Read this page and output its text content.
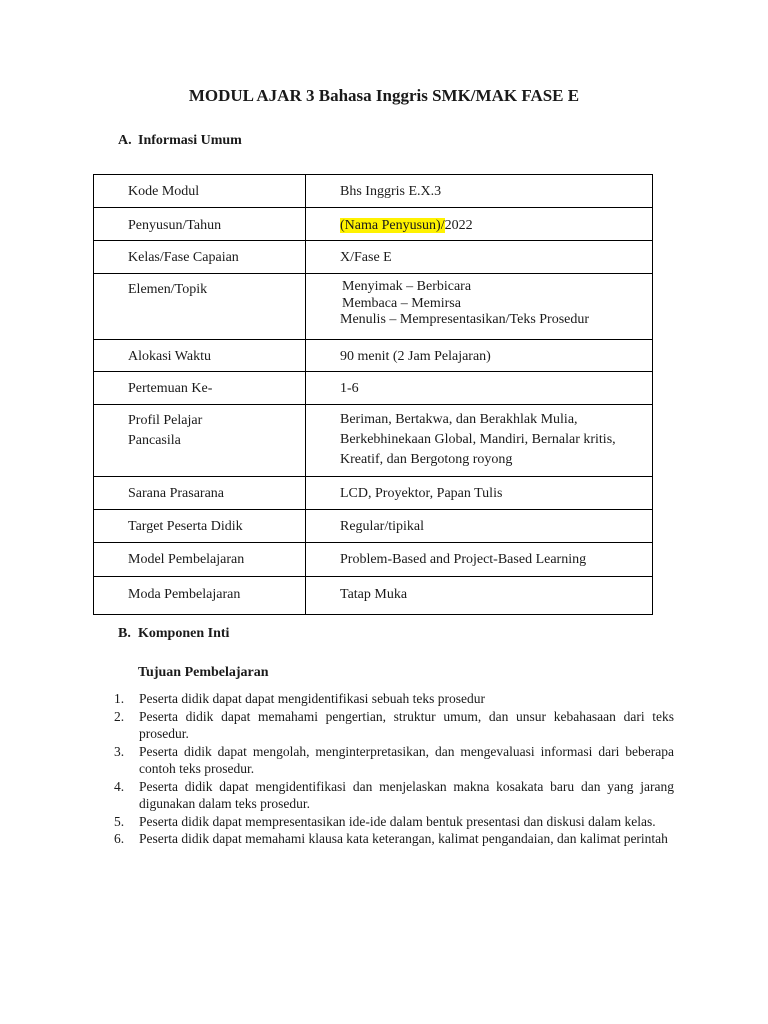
MODUL AJAR 3 Bahasa Inggris SMK/MAK FASE E

A. Informasi Umum

Kode Modul	Bhs Inggris E.X.3
Penyusun/Tahun	(Nama Penyusun)/2022
Kelas/Fase Capaian	X/Fase E
Elemen/Topik	Menyimak – Berbicara
Membaca – Memirsa
Menulis – Mempresentasikan/Teks Prosedur

Alokasi Waktu	90 menit (2 Jam Pelajaran)
Pertemuan Ke-	1-6

Profil Pelajar
Pancasila	Beriman, Bertakwa, dan Berakhlak Mulia,
Berkebhinekaan Global, Mandiri, Bernalar kritis,
Kreatif, dan Bergotong royong

Sarana Prasarana	LCD, Proyektor, Papan Tulis
Target Peserta Didik	Regular/tipikal
Model Pembelajaran	Problem-Based and Project-Based Learning
Moda Pembelajaran	Tatap Muka

B. Komponen Inti

Tujuan Pembelajaran

1.	Peserta didik dapat dapat mengidentifikasi sebuah teks prosedur
2.	Peserta didik dapat memahami pengertian, struktur umum, dan unsur kebahasaan dari teks prosedur.
3.	Peserta didik dapat mengolah, menginterpretasikan, dan mengevaluasi informasi dari beberapa contoh teks prosedur.
4.	Peserta didik dapat mengidentifikasi dan menjelaskan makna kosakata baru dan yang jarang digunakan dalam teks prosedur.
5.	Peserta didik dapat mempresentasikan ide-ide dalam bentuk presentasi dan diskusi dalam kelas.
6.	Peserta didik dapat memahami klausa kata keterangan, kalimat pengandaian, dan kalimat perintah
